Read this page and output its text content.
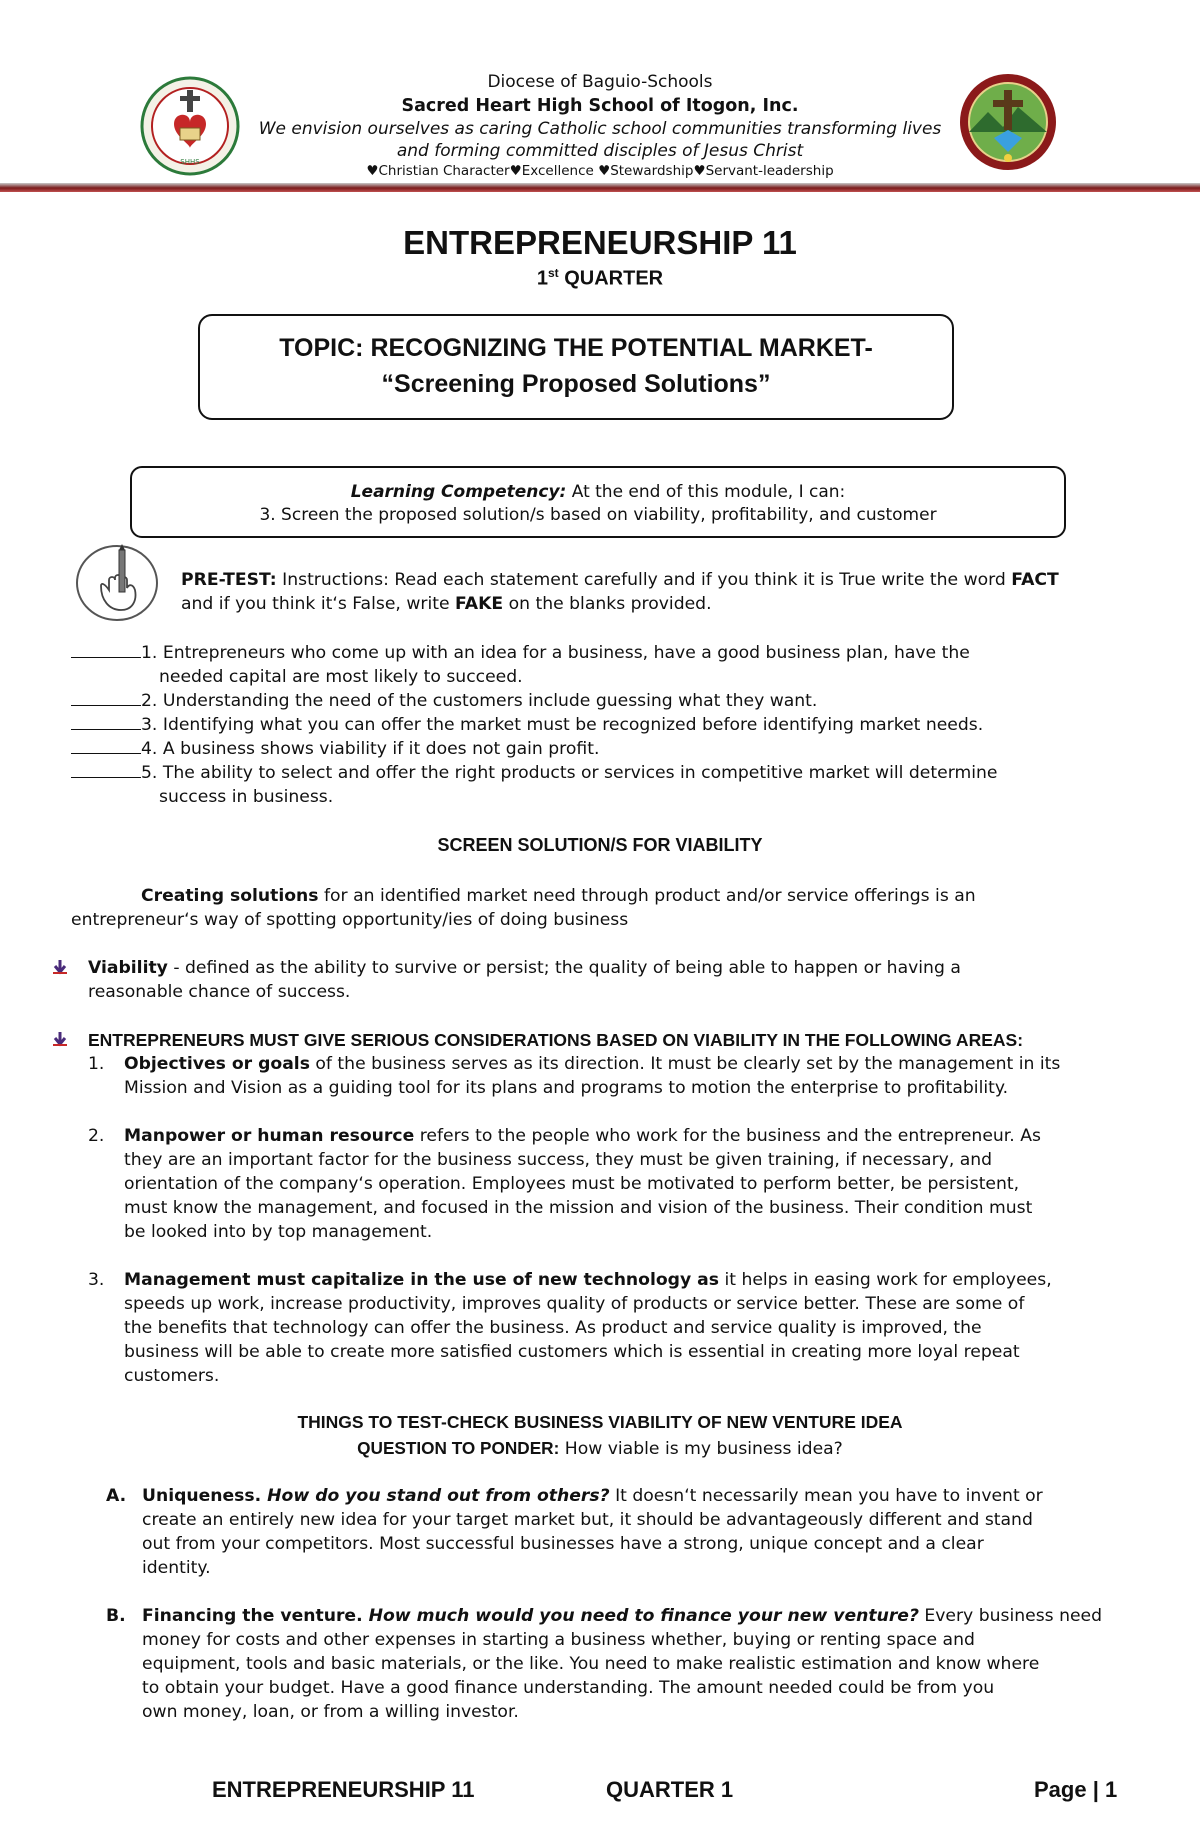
SHHS
Diocese of Baguio-Schools
Sacred Heart High School of Itogon, Inc.
We envision ourselves as caring Catholic school communities transforming lives
and forming committed disciples of Jesus Christ
♥Christian Character♥Excellence ♥Stewardship♥Servant-leadership
ENTREPRENEURSHIP 11
1st QUARTER
TOPIC: RECOGNIZING THE POTENTIAL MARKET-
“Screening Proposed Solutions”
Learning Competency: At the end of this module, I can:
3. Screen the proposed solution/s based on viability, profitability, and customer
PRE-TEST: Instructions: Read each statement carefully and if you think it is True write the word FACT
and if you think it‘s False, write FAKE on the blanks provided.
1. Entrepreneurs who come up with an idea for a business, have a good business plan, have the
needed capital are most likely to succeed.
2. Understanding the need of the customers include guessing what they want.
3. Identifying what you can offer the market must be recognized before identifying market needs.
4. A business shows viability if it does not gain profit.
5. The ability to select and offer the right products or services in competitive market will determine
success in business.
SCREEN SOLUTION/S FOR VIABILITY
Creating solutions for an identified market need through product and/or service offerings is an
entrepreneur‘s way of spotting opportunity/ies of doing business
Viability - defined as the ability to survive or persist; the quality of being able to happen or having a
reasonable chance of success.
ENTREPRENEURS MUST GIVE SERIOUS CONSIDERATIONS BASED ON VIABILITY IN THE FOLLOWING AREAS:
1. Objectives or goals of the business serves as its direction. It must be clearly set by the management in its
Mission and Vision as a guiding tool for its plans and programs to motion the enterprise to profitability.
2. Manpower or human resource refers to the people who work for the business and the entrepreneur. As
they are an important factor for the business success, they must be given training, if necessary, and
orientation of the company‘s operation. Employees must be motivated to perform better, be persistent,
must know the management, and focused in the mission and vision of the business. Their condition must
be looked into by top management.
3. Management must capitalize in the use of new technology as it helps in easing work for employees,
speeds up work, increase productivity, improves quality of products or service better. These are some of
the benefits that technology can offer the business. As product and service quality is improved, the
business will be able to create more satisfied customers which is essential in creating more loyal repeat
customers.
THINGS TO TEST-CHECK BUSINESS VIABILITY OF NEW VENTURE IDEA
QUESTION TO PONDER: How viable is my business idea?
A. Uniqueness. How do you stand out from others? It doesn‘t necessarily mean you have to invent or
create an entirely new idea for your target market but, it should be advantageously different and stand
out from your competitors. Most successful businesses have a strong, unique concept and a clear
identity.
B. Financing the venture. How much would you need to finance your new venture? Every business need
money for costs and other expenses in starting a business whether, buying or renting space and
equipment, tools and basic materials, or the like. You need to make realistic estimation and know where
to obtain your budget. Have a good finance understanding. The amount needed could be from you
own money, loan, or from a willing investor.
ENTREPRENEURSHIP 11	QUARTER 1	Page | 1
